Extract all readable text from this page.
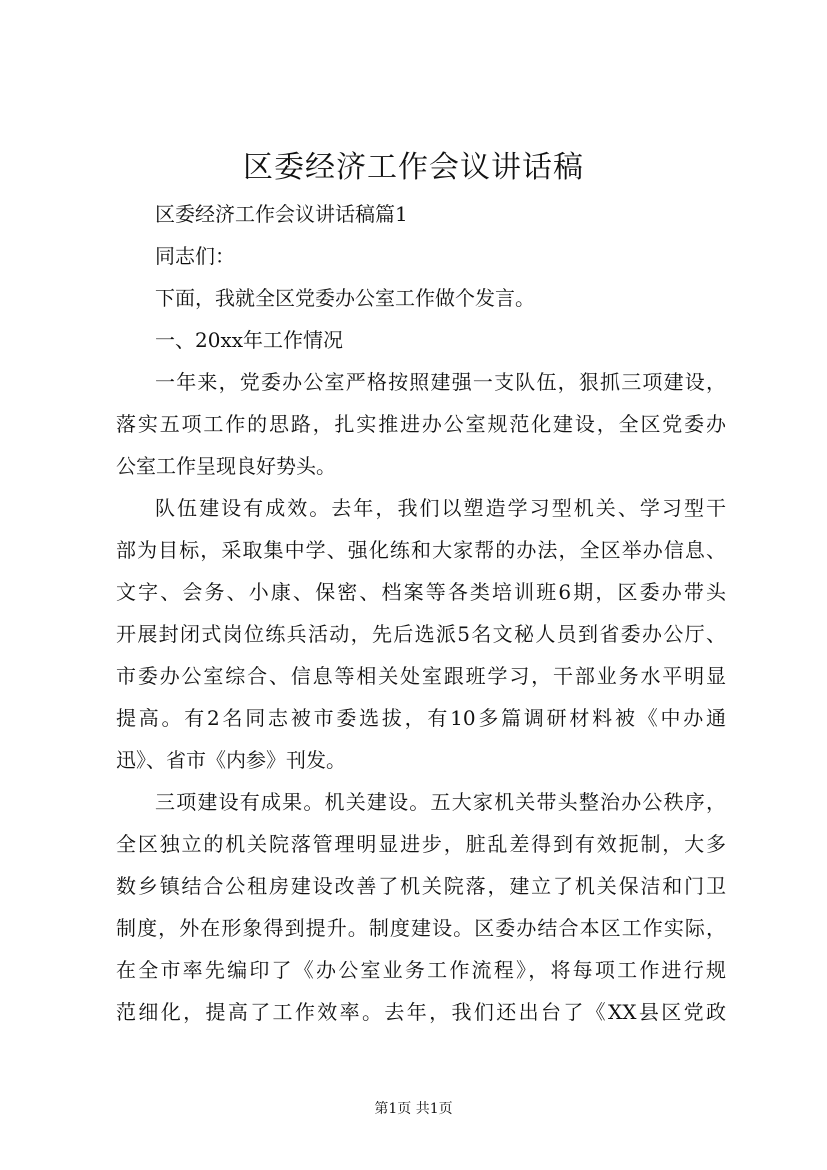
区委经济工作会议讲话稿
区委经济工作会议讲话稿篇1
同志们：
下面，我就全区党委办公室工作做个发言。
一、20xx年工作情况
一年来，党委办公室严格按照建强一支队伍，狠抓三项建设，
落实五项工作的思路，扎实推进办公室规范化建设，全区党委办
公室工作呈现良好势头。
队伍建设有成效。去年，我们以塑造学习型机关、学习型干
部为目标，采取集中学、强化练和大家帮的办法，全区举办信息、
文字、会务、小康、保密、档案等各类培训班6期，区委办带头
开展封闭式岗位练兵活动，先后选派5名文秘人员到省委办公厅、
市委办公室综合、信息等相关处室跟班学习，干部业务水平明显
提高。有2名同志被市委选拔，有10多篇调研材料被《中办通
迅》、省市《内参》刊发。
三项建设有成果。机关建设。五大家机关带头整治办公秩序，
全区独立的机关院落管理明显进步，脏乱差得到有效扼制，大多
数乡镇结合公租房建设改善了机关院落，建立了机关保洁和门卫
制度，外在形象得到提升。制度建设。区委办结合本区工作实际，
在全市率先编印了《办公室业务工作流程》，将每项工作进行规
范细化，提高了工作效率。去年，我们还出台了《XX县区党政
第1页 共1页
